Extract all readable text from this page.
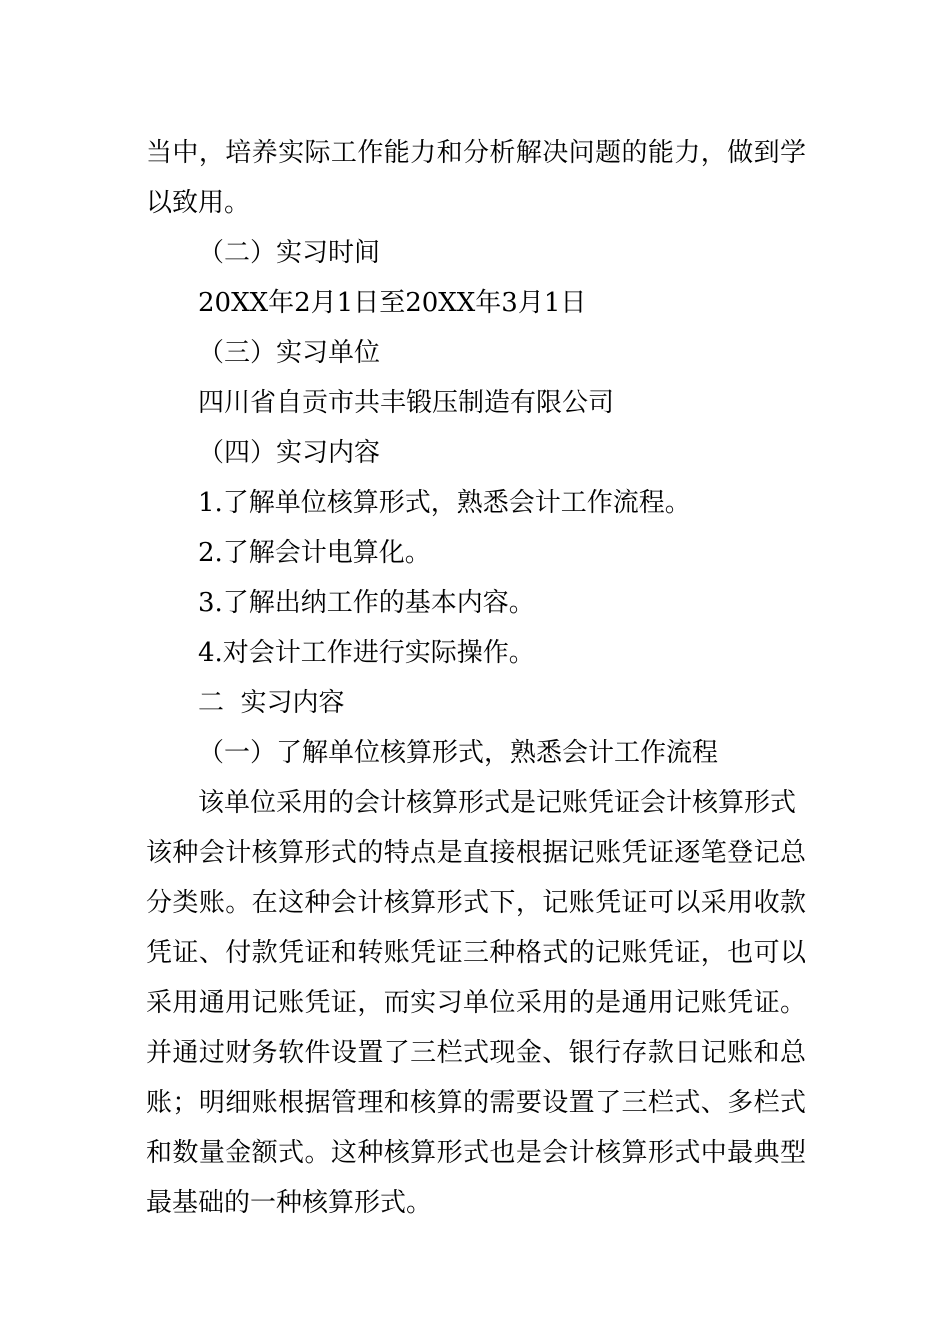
当中，培养实际工作能力和分析解决问题的能力，做到学
以致用。
（二）实习时间
20XX年2月1日至20XX年3月1日
（三）实习单位
四川省自贡市共丰锻压制造有限公司
（四）实习内容
1.了解单位核算形式，熟悉会计工作流程。
2.了解会计电算化。
3.了解出纳工作的基本内容。
4.对会计工作进行实际操作。
二  实习内容
（一）了解单位核算形式，熟悉会计工作流程
该单位采用的会计核算形式是记账凭证会计核算形式
该种会计核算形式的特点是直接根据记账凭证逐笔登记总
分类账。在这种会计核算形式下，记账凭证可以采用收款
凭证、付款凭证和转账凭证三种格式的记账凭证，也可以
采用通用记账凭证，而实习单位采用的是通用记账凭证。
并通过财务软件设置了三栏式现金、银行存款日记账和总
账；明细账根据管理和核算的需要设置了三栏式、多栏式
和数量金额式。这种核算形式也是会计核算形式中最典型
最基础的一种核算形式。
